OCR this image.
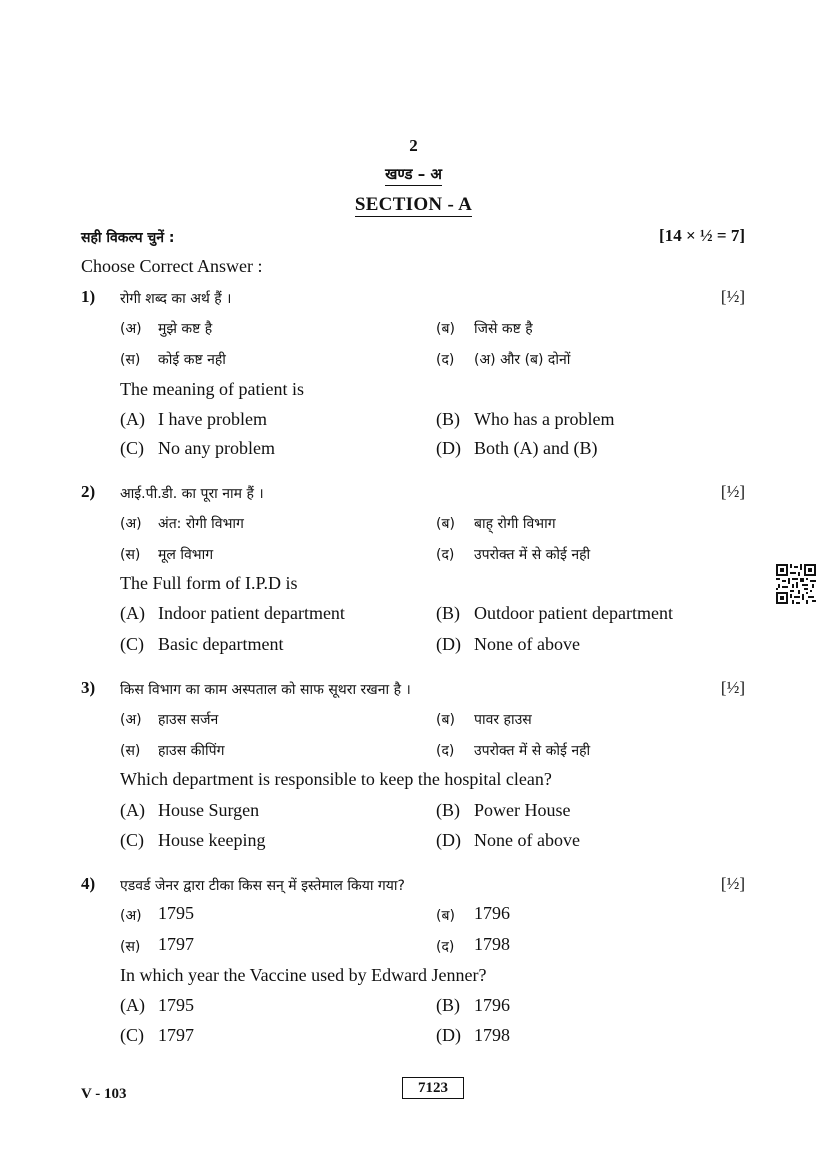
2
खण्ड – अ
SECTION - A
सही विकल्प चुनें :	[14 × ½ = 7]
Choose Correct Answer :
1) रोगी शब्द का अर्थ हैं ।	[½]
(अ) मुझे कष्ट है	(ब) जिसे कष्ट है
(स) कोई कष्ट नही	(द) (अ) और (ब) दोनों
The meaning of patient is
(A) I have problem	(B) Who has a problem
(C) No any problem	(D) Both (A) and (B)
2) आई.पी.डी. का पूरा नाम हैं ।	[½]
(अ) अंत: रोगी विभाग	(ब) बाह् रोगी विभाग
(स) मूल विभाग	(द) उपरोक्त में से कोई नही
The Full form of I.P.D is
(A) Indoor patient department	(B) Outdoor patient department
(C) Basic department	(D) None of above
3) किस विभाग का काम अस्पताल को साफ सूथरा रखना है ।	[½]
(अ) हाउस सर्जन	(ब) पावर हाउस
(स) हाउस कीपिंग	(द) उपरोक्त में से कोई नही
Which department is responsible to keep the hospital clean?
(A) House Surgen	(B) Power House
(C) House keeping	(D) None of above
4) एडवर्ड जेनर द्वारा टीका किस सन् में इस्तेमाल किया गया?	[½]
(अ) 1795	(ब) 1796
(स) 1797	(द) 1798
In which year the Vaccine used by Edward Jenner?
(A) 1795	(B) 1796
(C) 1797	(D) 1798
V - 103	7123
